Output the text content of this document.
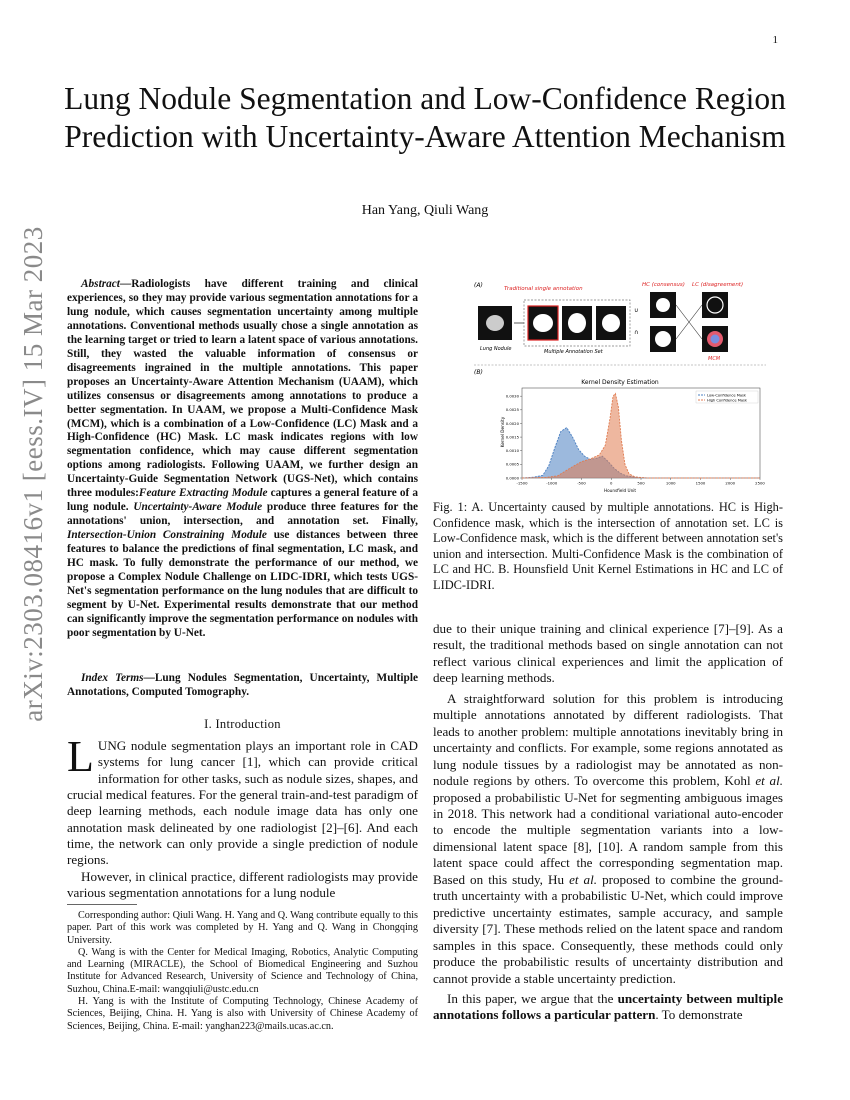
1
arXiv:2303.08416v1 [eess.IV] 15 Mar 2023
Lung Nodule Segmentation and Low-Confidence Region Prediction with Uncertainty-Aware Attention Mechanism
Han Yang, Qiuli Wang

Abstract—Radiologists have different training and clinical experiences, so they may provide various segmentation annotations for a lung nodule, which causes segmentation uncertainty among multiple annotations. Conventional methods usually chose a single annotation as the learning target or tried to learn a latent space of various annotations. Still, they wasted the valuable information of consensus or disagreements ingrained in the multiple annotations. This paper proposes an Uncertainty-Aware Attention Mechanism (UAAM), which utilizes consensus or disagreements among annotations to produce a better segmentation. In UAAM, we propose a Multi-Confidence Mask (MCM), which is a combination of a Low-Confidence (LC) Mask and a High-Confidence (HC) Mask. LC mask indicates regions with low segmentation confidence, which may cause different segmentation options among radiologists. Following UAAM, we further design an Uncertainty-Guide Segmentation Network (UGS-Net), which contains three modules:Feature Extracting Module captures a general feature of a lung nodule. Uncertainty-Aware Module produce three features for the annotations' union, intersection, and annotation set. Finally, Intersection-Union Constraining Module use distances between three features to balance the predictions of final segmentation, LC mask, and HC mask. To fully demonstrate the performance of our method, we propose a Complex Nodule Challenge on LIDC-IDRI, which tests UGS-Net's segmentation performance on the lung nodules that are difficult to segment by U-Net. Experimental results demonstrate that our method can significantly improve the segmentation performance on nodules with poor segmentation by U-Net.

Index Terms—Lung Nodules Segmentation, Uncertainty, Multiple Annotations, Computed Tomography.

I. Introduction

LUNG nodule segmentation plays an important role in CAD systems for lung cancer [1], which can provide critical information for other tasks, such as nodule sizes, shapes, and crucial medical features. For the general train-and-test paradigm of deep learning methods, each nodule image data has only one annotation mask delineated by one radiologist [2]–[6]. And each time, the network can only provide a single prediction of nodule regions.

However, in clinical practice, different radiologists may provide various segmentation annotations for a lung nodule

Corresponding author: Qiuli Wang. H. Yang and Q. Wang contribute equally to this paper. Part of this work was completed by H. Yang and Q. Wang in Chongqing University.

Q. Wang is with the Center for Medical Imaging, Robotics, Analytic Computing and Learning (MIRACLE), the School of Biomedical Engineering and Suzhou Institute for Advanced Research, University of Science and Technology of China, Suzhou, China.E-mail: wangqiuli@ustc.edu.cn

H. Yang is with the Institute of Computing Technology, Chinese Academy of Sciences, Beijing, China. H. Yang is also with University of Chinese Academy of Sciences, Beijing, China. E-mail: yanghan223@mails.ucas.ac.cn.

(A)	Traditional single annotation
HC (consensus) LC (disagreement)
Lung Nodule	Multiple Annotation Set
∪
∩
MCM
(B)
Kernel Density Estimation
-1500	-1000	-500	0	500	1000	1500	2000	2500
0.0000
0.0005
0.0010
0.0015
0.0020
0.0025
0.0030	Low-Confidence Mask
High Confidence Mask
Hounsfield Unit
Kernel Density
Fig. 1: A. Uncertainty caused by multiple annotations. HC is High-Confidence mask, which is the intersection of annotation set. LC is Low-Confidence mask, which is the different between annotation set's union and intersection. Multi-Confidence Mask is the combination of LC and HC. B. Hounsfield Unit Kernel Estimations in HC and LC of LIDC-IDRI.

due to their unique training and clinical experience [7]–[9]. As a result, the traditional methods based on single annotation can not reflect various clinical experiences and limit the application of deep learning methods.

A straightforward solution for this problem is introducing multiple annotations annotated by different radiologists. That leads to another problem: multiple annotations inevitably bring in uncertainty and conflicts. For example, some regions annotated as lung nodule tissues by a radiologist may be annotated as non-nodule regions by others. To overcome this problem, Kohl et al. proposed a probabilistic U-Net for segmenting ambiguous images in 2018. This network had a conditional variational auto-encoder to encode the multiple segmentation variants into a low-dimensional latent space [8], [10]. A random sample from this latent space could affect the corresponding segmentation map. Based on this study, Hu et al. proposed to combine the ground-truth uncertainty with a probabilistic U-Net, which could improve predictive uncertainty estimates, sample accuracy, and sample diversity [7]. These methods relied on the latent space and random samples in this space. Consequently, these methods could only produce the probabilistic results of uncertainty distribution and cannot provide a stable uncertainty prediction.

In this paper, we argue that the uncertainty between multiple annotations follows a particular pattern. To demonstrate
